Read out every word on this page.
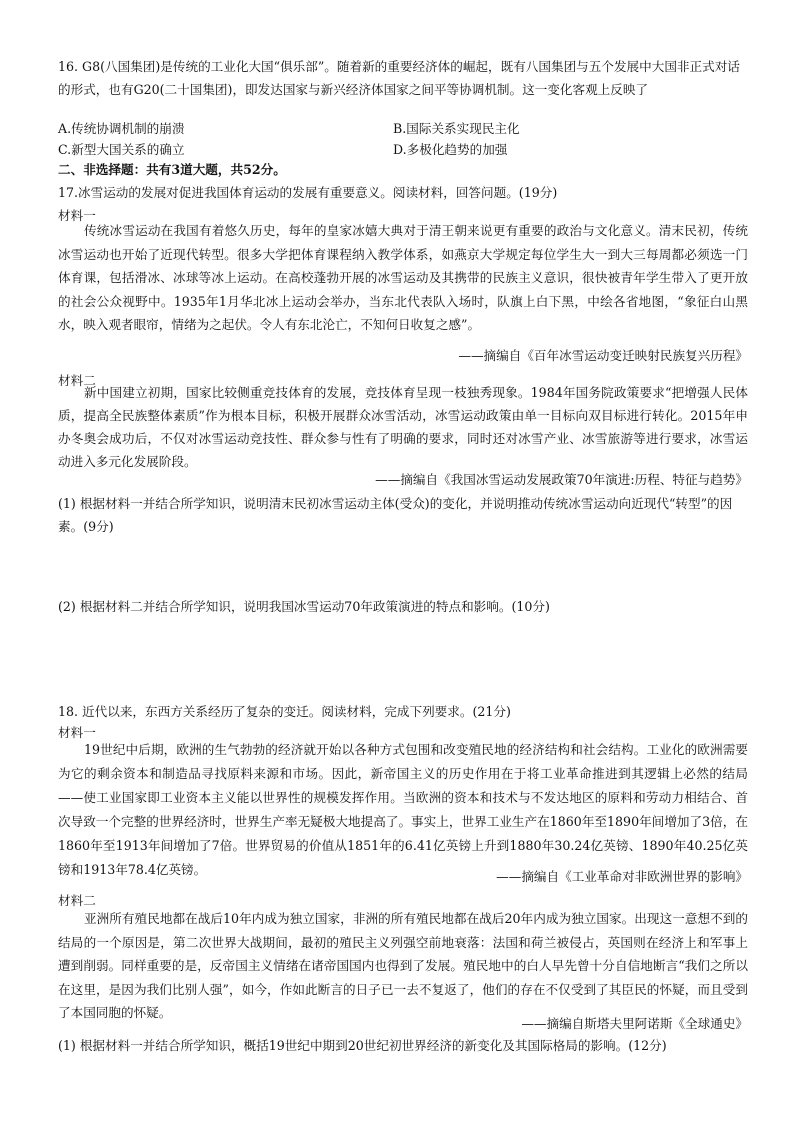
16. G8(八国集团)是传统的工业化大国“俱乐部”。随着新的重要经济体的崛起，既有八国集团与五个发展中大国非正式对话的形式，也有G20(二十国集团)，即发达国家与新兴经济体国家之间平等协调机制。这一变化客观上反映了
A.传统协调机制的崩溃	B.国际关系实现民主化
C.新型大国关系的确立	D.多极化趋势的加强
二、非选择题：共有3道大题，共52分。
17.冰雪运动的发展对促进我国体育运动的发展有重要意义。阅读材料，回答问题。(19分)
材料一
传统冰雪运动在我国有着悠久历史，每年的皇家冰嬉大典对于清王朝来说更有重要的政治与文化意义。清末民初，传统冰雪运动也开始了近现代转型。很多大学把体育课程纳入教学体系，如燕京大学规定每位学生大一到大三每周都必须选一门体育课，包括滑冰、冰球等冰上运动。在高校蓬勃开展的冰雪运动及其携带的民族主义意识，很快被青年学生带入了更开放的社会公众视野中。1935年1月华北冰上运动会举办，当东北代表队入场时，队旗上白下黑，中绘各省地图，“象征白山黑水，映入观者眼帘，情绪为之起伏。令人有东北沦亡，不知何日收复之感”。
——摘编自《百年冰雪运动变迁映射民族复兴历程》
材料二
新中国建立初期，国家比较侧重竞技体育的发展，竞技体育呈现一枝独秀现象。1984年国务院政策要求“把增强人民体质，提高全民族整体素质”作为根本目标，积极开展群众冰雪活动，冰雪运动政策由单一目标向双目标进行转化。2015年申办冬奥会成功后，不仅对冰雪运动竞技性、群众参与性有了明确的要求，同时还对冰雪产业、冰雪旅游等进行要求，冰雪运动进入多元化发展阶段。
——摘编自《我国冰雪运动发展政策70年演进:历程、特征与趋势》
(1) 根据材料一并结合所学知识，说明清末民初冰雪运动主体(受众)的变化，并说明推动传统冰雪运动向近现代“转型”的因素。(9分)
(2) 根据材料二并结合所学知识，说明我国冰雪运动70年政策演进的特点和影响。(10分)
18. 近代以来，东西方关系经历了复杂的变迁。阅读材料，完成下列要求。(21分)
材料一
19世纪中后期，欧洲的生气勃勃的经济就开始以各种方式包围和改变殖民地的经济结构和社会结构。工业化的欧洲需要为它的剩余资本和制造品寻找原料来源和市场。因此，新帝国主义的历史作用在于将工业革命推进到其逻辑上必然的结局——使工业国家即工业资本主义能以世界性的规模发挥作用。当欧洲的资本和技术与不发达地区的原料和劳动力相结合、首次导致一个完整的世界经济时，世界生产率无疑极大地提高了。事实上，世界工业生产在1860年至1890年间增加了3倍，在1860年至1913年间增加了7倍。世界贸易的价值从1851年的6.41亿英镑上升到1880年30.24亿英镑、1890年40.25亿英镑和1913年78.4亿英镑。	——摘编自《工业革命对非欧洲世界的影响》
材料二
亚洲所有殖民地都在战后10年内成为独立国家，非洲的所有殖民地都在战后20年内成为独立国家。出现这一意想不到的结局的一个原因是，第二次世界大战期间，最初的殖民主义列强空前地衰落：法国和荷兰被侵占，英国则在经济上和军事上遭到削弱。同样重要的是，反帝国主义情绪在诸帝国国内也得到了发展。殖民地中的白人早先曾十分自信地断言“我们之所以在这里，是因为我们比别人强”，如今，作如此断言的日子已一去不复返了，他们的存在不仅受到了其臣民的怀疑，而且受到了本国同胞的怀疑。
——摘编自斯塔夫里阿诺斯《全球通史》
(1) 根据材料一并结合所学知识，概括19世纪中期到20世纪初世界经济的新变化及其国际格局的影响。(12分)
